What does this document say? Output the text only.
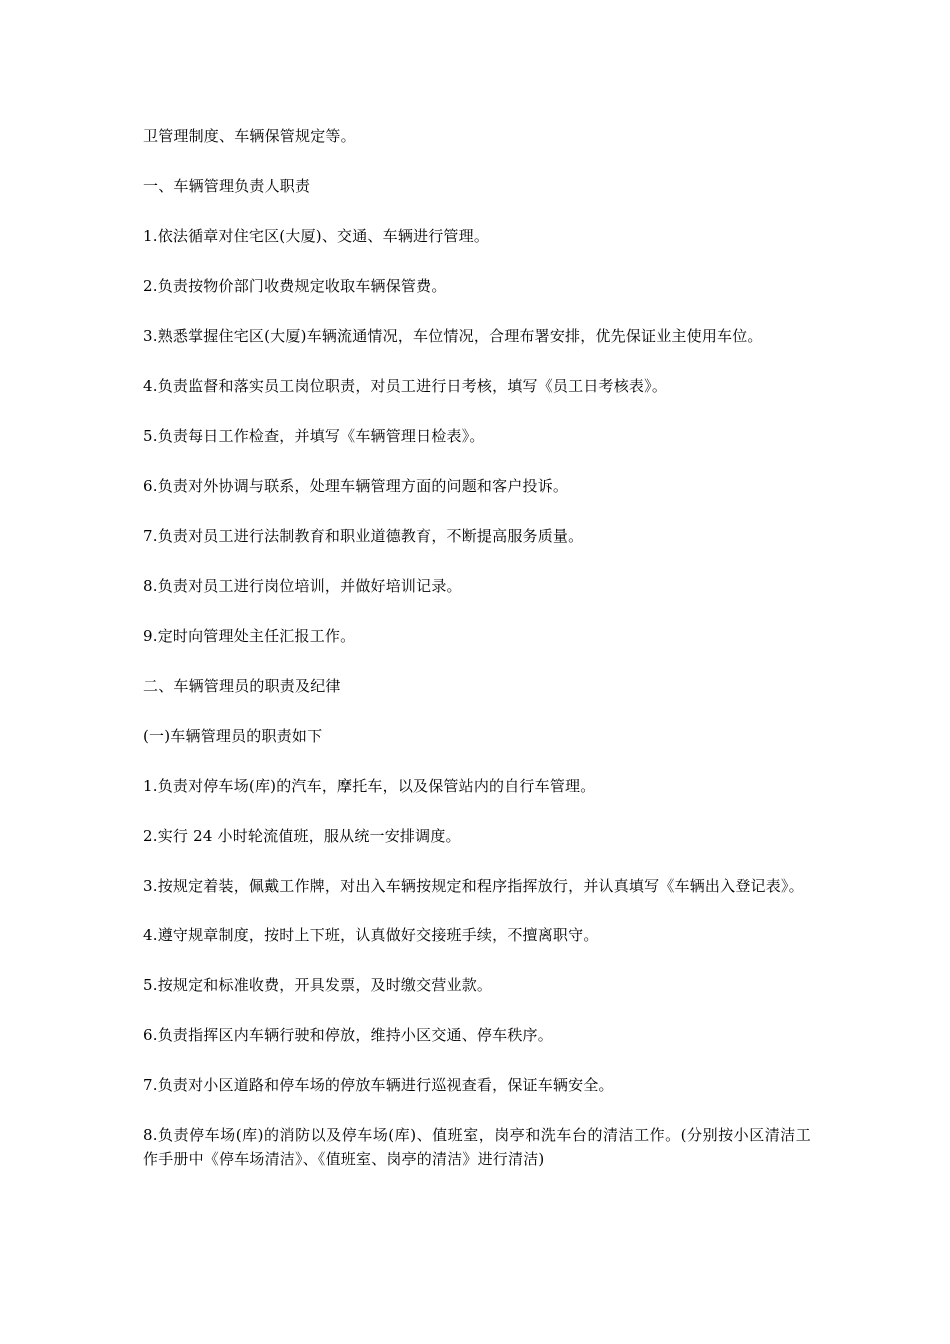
卫管理制度、车辆保管规定等。

一、车辆管理负责人职责

1.依法循章对住宅区(大厦)、交通、车辆进行管理。

2.负责按物价部门收费规定收取车辆保管费。

3.熟悉掌握住宅区(大厦)车辆流通情况，车位情况，合理布署安排，优先保证业主使用车位。

4.负责监督和落实员工岗位职责，对员工进行日考核，填写《员工日考核表》。

5.负责每日工作检查，并填写《车辆管理日检表》。

6.负责对外协调与联系，处理车辆管理方面的问题和客户投诉。

7.负责对员工进行法制教育和职业道德教育，不断提高服务质量。

8.负责对员工进行岗位培训，并做好培训记录。

9.定时向管理处主任汇报工作。

二、车辆管理员的职责及纪律

(一)车辆管理员的职责如下

1.负责对停车场(库)的汽车，摩托车，以及保管站内的自行车管理。

2.实行 24 小时轮流值班，服从统一安排调度。

3.按规定着装，佩戴工作牌，对出入车辆按规定和程序指挥放行，并认真填写《车辆出入登记表》。

4.遵守规章制度，按时上下班，认真做好交接班手续，不擅离职守。

5.按规定和标准收费，开具发票，及时缴交营业款。

6.负责指挥区内车辆行驶和停放，维持小区交通、停车秩序。

7.负责对小区道路和停车场的停放车辆进行巡视查看，保证车辆安全。

8.负责停车场(库)的消防以及停车场(库)、值班室，岗亭和洗车台的清洁工作。(分别按小区清洁工作手册中《停车场清洁》、《值班室、岗亭的清洁》进行清洁)
